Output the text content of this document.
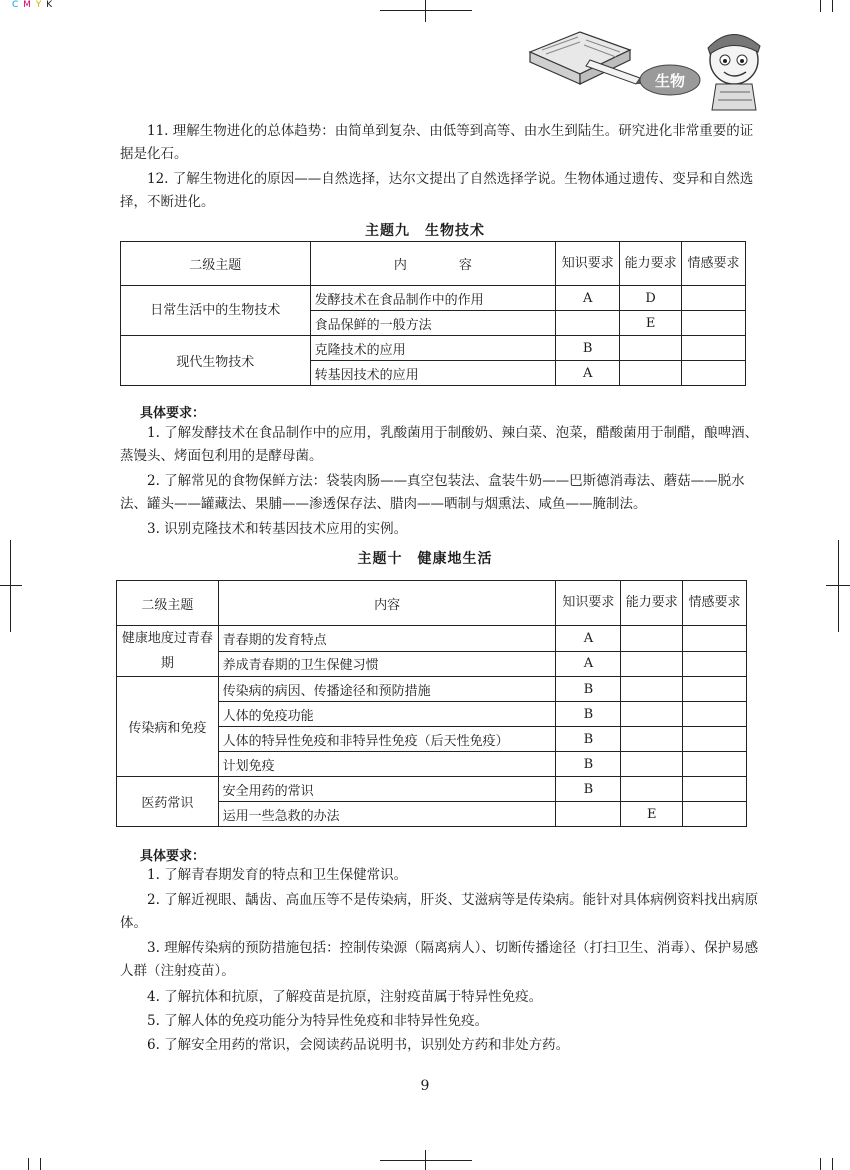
C M Y K
生物

11. 理解生物进化的总体趋势：由简单到复杂、由低等到高等、由水生到陆生。研究进化非常重要的证据是化石。

12. 了解生物进化的原因——自然选择，达尔文提出了自然选择学说。生物体通过遗传、变异和自然选择，不断进化。

主题九　生物技术
二级主题	内　　　　容	知识要求	能力要求	情感要求
日常生活中的生物技术	发酵技术在食品制作中的作用	A	D	
	食品保鲜的一般方法		E	
现代生物技术	克隆技术的应用	B		
	转基因技术的应用	A		
具体要求：

1. 了解发酵技术在食品制作中的应用，乳酸菌用于制酸奶、辣白菜、泡菜，醋酸菌用于制醋，酿啤酒、蒸馒头、烤面包利用的是酵母菌。

2. 了解常见的食物保鲜方法：袋装肉肠——真空包装法、盒装牛奶——巴斯德消毒法、蘑菇——脱水法、罐头——罐藏法、果脯——渗透保存法、腊肉——晒制与烟熏法、咸鱼——腌制法。

3. 识别克隆技术和转基因技术应用的实例。

主题十　健康地生活
二级主题	内容	知识要求	能力要求	情感要求
健康地度过青春期	青春期的发育特点	A		
	养成青春期的卫生保健习惯	A		
传染病和免疫	传染病的病因、传播途径和预防措施	B		
	人体的免疫功能	B		
	人体的特异性免疫和非特异性免疫（后天性免疫）	B		
	计划免疫	B		
医药常识	安全用药的常识	B		
	运用一些急救的办法		E	
具体要求：

1. 了解青春期发育的特点和卫生保健常识。

2. 了解近视眼、龋齿、高血压等不是传染病，肝炎、艾滋病等是传染病。能针对具体病例资料找出病原体。

3. 理解传染病的预防措施包括：控制传染源（隔离病人）、切断传播途径（打扫卫生、消毒）、保护易感人群（注射疫苗）。

4. 了解抗体和抗原，了解疫苗是抗原，注射疫苗属于特异性免疫。

5. 了解人体的免疫功能分为特异性免疫和非特异性免疫。

6. 了解安全用药的常识，会阅读药品说明书，识别处方药和非处方药。

9
